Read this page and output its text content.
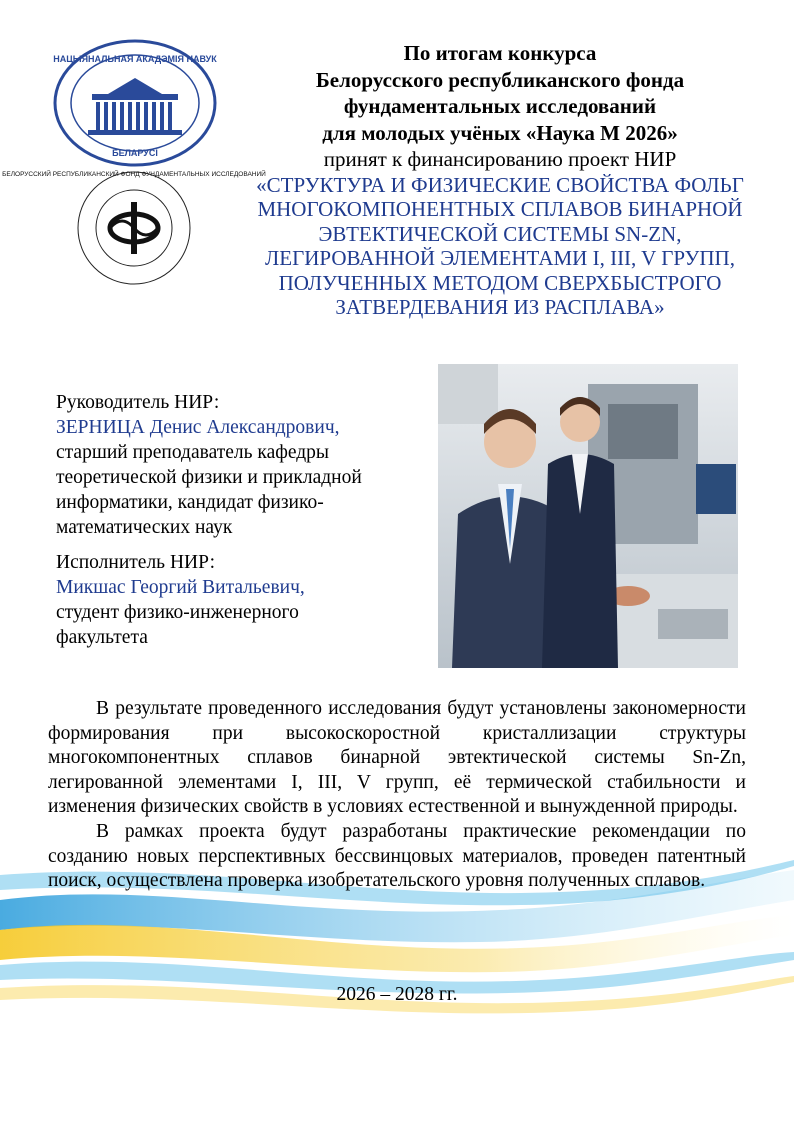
НАЦЫЯНАЛЬНАЯ АКАДЭМІЯ НАВУК
БЕЛАРУСІ
БЕЛОРУССКИЙ РЕСПУБЛИКАНСКИЙ ФОНД ФУНДАМЕНТАЛЬНЫХ ИССЛЕДОВАНИЙ
По итогам конкурса
Белорусского республиканского фонда
фундаментальных исследований
для молодых учёных «Наука М 2026»
принят к финансированию проект НИР
«СТРУКТУРА И ФИЗИЧЕСКИЕ СВОЙСТВА ФОЛЬГ
МНОГОКОМПОНЕНТНЫХ СПЛАВОВ БИНАРНОЙ
ЭВТЕКТИЧЕСКОЙ СИСТЕМЫ SN-ZN,
ЛЕГИРОВАННОЙ ЭЛЕМЕНТАМИ I, III, V ГРУПП,
ПОЛУЧЕННЫХ МЕТОДОМ СВЕРХБЫСТРОГО
ЗАТВЕРДЕВАНИЯ ИЗ РАСПЛАВА»
Руководитель НИР:
ЗЕРНИЦА Денис Александрович,
старший преподаватель кафедры
теоретической физики и прикладной
информатики, кандидат физико-
математических наук
Исполнитель НИР:
Микшас Георгий Витальевич,
студент физико-инженерного
факультета

В результате проведенного исследования будут установлены закономерности формирования при высокоскоростной кристаллизации структуры многокомпонентных сплавов бинарной эвтектической системы Sn-Zn, легированной элементами I, III, V групп, её термической стабильности и изменения физических свойств в условиях естественной и вынужденной природы.

В рамках проекта будут разработаны практические рекомендации по созданию новых перспективных бессвинцовых материалов, проведен патентный поиск, осуществлена проверка изобретательского уровня полученных сплавов.

2026 – 2028 гг.
